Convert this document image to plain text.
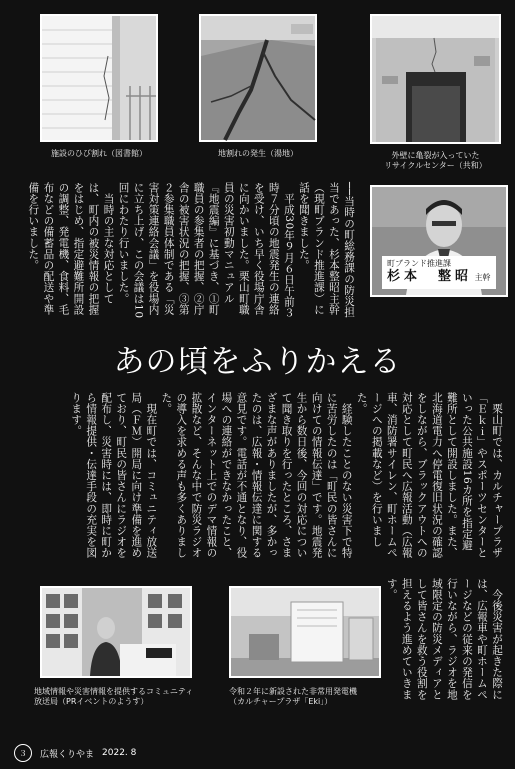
施設のひび割れ（図書館）	地割れの発生（湯地）	外壁に亀裂が入っていた
リサイクルセンター（共和）
──当時の町総務課の防災担当であった、杉本整昭主幹（現町ブランド推進課）に話を聞きました。
　平成30年９月６日午前３時７分頃の地震発生の連絡を受け、いち早く役場庁舎に向かいました。栗山町職員の災害初動マニュアル『地震編』に基づき、①町職員の参集者の把握、②庁舎の被害状況の把握、③第２参集職員体制である「災害対策連絡会議」を役場内に立ち上げ、この会議は10回にわたり行いました。
　当時の主な対応としては、町内の被災情報の把握をはじめ、指定避難所開設の調整、発電機、食料、毛布などの備蓄品の配送や準備を行いました。	町ブランド推進課
杉本　整昭 主幹
あの頃をふりかえる
　栗山町では、カルチャープラザ「Ｅｋｉ」やスポーツセンターといった公共施設16カ所を指定避難所として開設しました。また、北海道電力へ停電復旧状況の確認をしながら、ブラックアウトへの対応として町民へ広報活動（広報車、消防署サイレン、町ホームページへの掲載など）を行いました。
　経験したことのない災害下で特に苦労したのは「町民の皆さんに向けての情報伝達」です。地震発生から数日後、今回の対応について聞き取りを行ったところ、さまざまな声がありましたが、多かったのは、広報・情報伝達に関する意見です。電話が不通となり、役場への連絡ができなかったこと、インターネット上でのデマ情報の拡散など、そんな中で防災ラジオの導入を求める声も多くありました。
　現在町では、コミュニティ放送局（ＦＭ）開局に向け準備を進めており、町民の皆さんにラジオを配布し、災害時には、即時に町から情報提供・伝達手段の充実を図ります。
　今後災害が起きた際には、広報車や町ホームページなどの従来の発信を行いながら、ラジオを地域限定の防災メディアとして皆さんを救う役割を担えるよう進めていきます。
地域情報や災害情報を提供するコミュニティ
放送局（PRイベントのようす）
令和２年に新設された非常用発電機
（カルチャープラザ「Eki」）
３	広報くりやま 2022. 8
